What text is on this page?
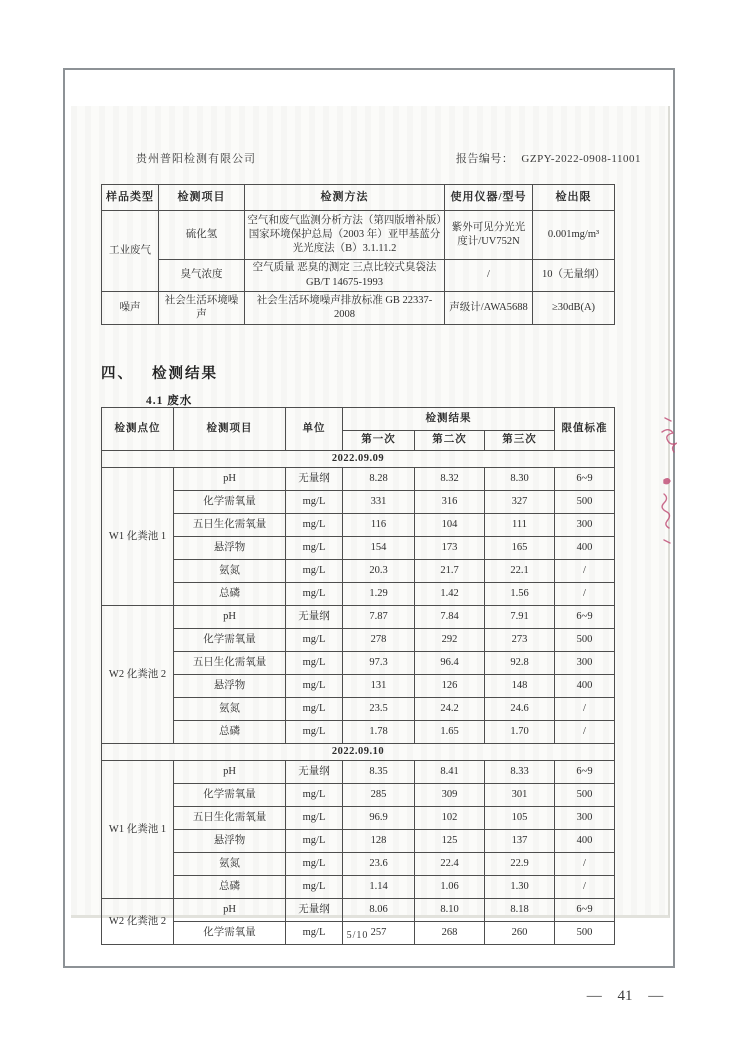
贵州普阳检测有限公司	报告编号： GZPY-2022-0908-11001
样品类型	检测项目	检测方法	使用仪器/型号	检出限
工业废气	硫化氢	空气和废气监测分析方法（第四版增补版）国家环境保护总局（2003 年）亚甲基蓝分光光度法（B）3.1.11.2	紫外可见分光光度计/UV752N	0.001mg/m³
	臭气浓度	空气质量 恶臭的测定 三点比较式臭袋法 GB/T 14675-1993	/	10（无量纲）
噪声	社会生活环境噪声	社会生活环境噪声排放标准 GB 22337-2008	声级计/AWA5688	≥30dB(A)
四、 检测结果
4.1 废水
检测点位	检测项目	单位	检测结果			限值标准
			第一次	第二次	第三次	
2022.09.09						
W1 化粪池 1	pH	无量纲	8.28	8.32	8.30	6~9
	化学需氧量	mg/L	331	316	327	500
	五日生化需氧量	mg/L	116	104	111	300
	悬浮物	mg/L	154	173	165	400
	氨氮	mg/L	20.3	21.7	22.1	/
	总磷	mg/L	1.29	1.42	1.56	/
W2 化粪池 2	pH	无量纲	7.87	7.84	7.91	6~9
	化学需氧量	mg/L	278	292	273	500
	五日生化需氧量	mg/L	97.3	96.4	92.8	300
	悬浮物	mg/L	131	126	148	400
	氨氮	mg/L	23.5	24.2	24.6	/
	总磷	mg/L	1.78	1.65	1.70	/
2022.09.10						
W1 化粪池 1	pH	无量纲	8.35	8.41	8.33	6~9
	化学需氧量	mg/L	285	309	301	500
	五日生化需氧量	mg/L	96.9	102	105	300
	悬浮物	mg/L	128	125	137	400
	氨氮	mg/L	23.6	22.4	22.9	/
	总磷	mg/L	1.14	1.06	1.30	/
W2 化粪池 2	pH	无量纲	8.06	8.10	8.18	6~9
	化学需氧量	mg/L	257	268	260	500
5/10
— 41 —
